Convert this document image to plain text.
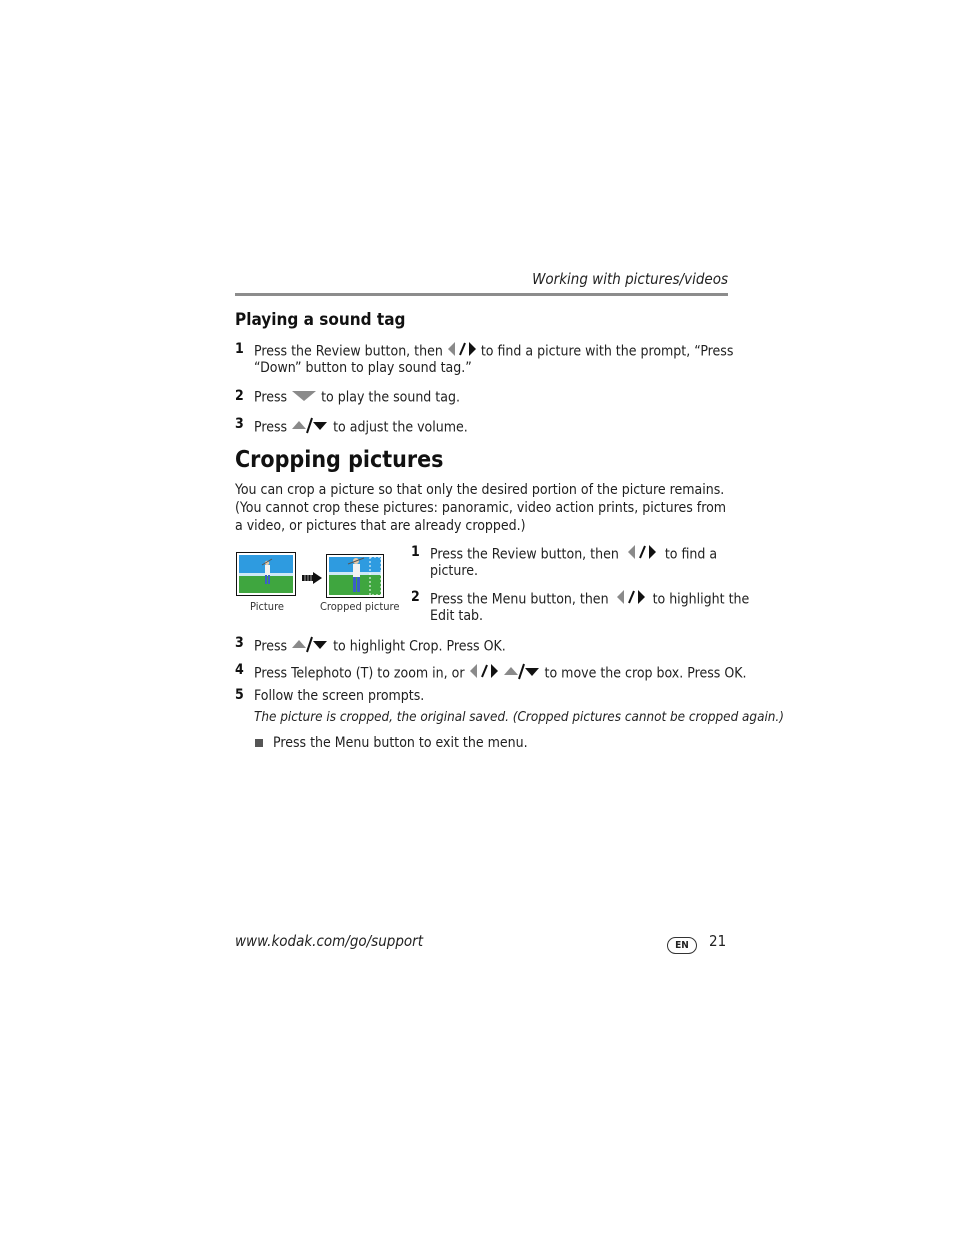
Working with pictures/videos
Playing a sound tag
1 Press the Review button, then	to find a picture with the prompt, “Press
“Down” button to play sound tag.”
2 Press to play the sound tag.
3 Press	to adjust the volume.
Cropping pictures
You can crop a picture so that only the desired portion of the picture remains. (You cannot crop these pictures: panoramic, video action prints, pictures from a video, or pictures that are already cropped.)
Picture	Cropped picture
1 Press the Review button, then	to find a
picture.
2 Press the Menu button, then	to highlight the
Edit tab.
3 Press	to highlight Crop. Press OK.
4 Press Telephoto (T) to zoom in, or	to move the crop box. Press OK.
5 Follow the screen prompts.
The picture is cropped, the original saved. (Cropped pictures cannot be cropped again.)
Press the Menu button to exit the menu.
www.kodak.com/go/support	EN	21
